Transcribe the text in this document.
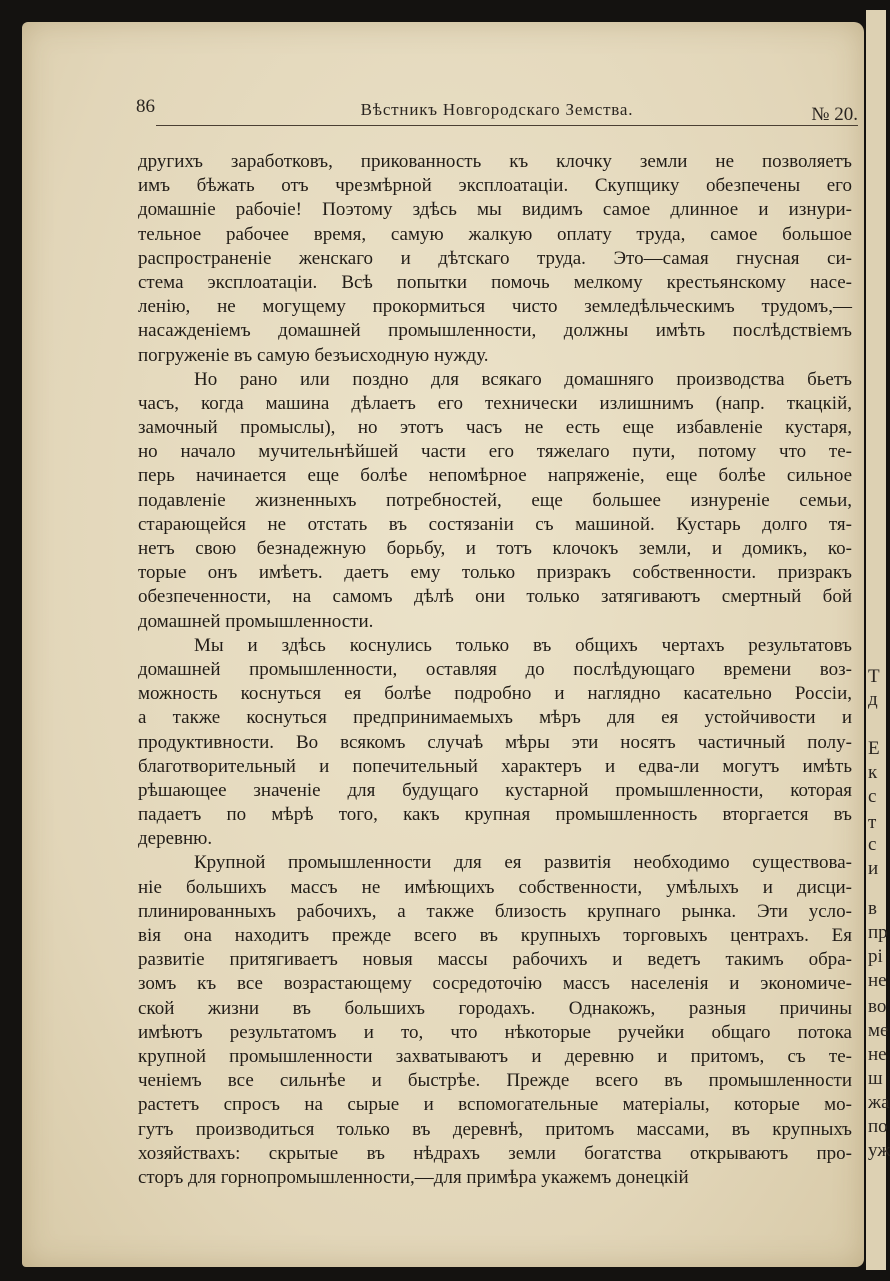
86	Вѣстникъ Новгородскаго Земства.	№ 20.
другихъ заработковъ, прикованность къ клочку земли не позволяетъ
имъ бѣжать отъ чрезмѣрной эксплоатаціи. Скупщику обезпечены его
домашніе рабочіе! Поэтому здѣсь мы видимъ самое длинное и изнури-
тельное рабочее время, самую жалкую оплату труда, самое большое
распространеніе женскаго и дѣтскаго труда. Это—самая гнусная си-
стема эксплоатаціи. Всѣ попытки помочь мелкому крестьянскому насе-
ленію, не могущему прокормиться чисто земледѣльческимъ трудомъ,—
насажденіемъ домашней промышленности, должны имѣть послѣдствіемъ
погруженіе въ самую безъисходную нужду.
Но рано или поздно для всякаго домашняго производства бьетъ
часъ, когда машина дѣлаетъ его технически излишнимъ (напр. ткацкій,
замочный промыслы), но этотъ часъ не есть еще избавленіе кустаря,
но начало мучительнѣйшей части его тяжелаго пути, потому что те-
перь начинается еще болѣе непомѣрное напряженіе, еще болѣе сильное
подавленіе жизненныхъ потребностей, еще большее изнуреніе семьи,
старающейся не отстать въ состязаніи съ машиной. Кустарь долго тя-
нетъ свою безнадежную борьбу, и тотъ клочокъ земли, и домикъ, ко-
торые онъ имѣетъ. даетъ ему только призракъ собственности. призракъ
обезпеченности, на самомъ дѣлѣ они только затягиваютъ смертный бой
домашней промышленности.
Мы и здѣсь коснулись только въ общихъ чертахъ результатовъ
домашней промышленности, оставляя до послѣдующаго времени воз-
можность коснуться ея болѣе подробно и наглядно касательно Россіи,
а также коснуться предпринимаемыхъ мѣръ для ея устойчивости и
продуктивности. Во всякомъ случаѣ мѣры эти носятъ частичный полу-
благотворительный и попечительный характеръ и едва-ли могутъ имѣть
рѣшающее значеніе для будущаго кустарной промышленности, которая
падаетъ по мѣрѣ того, какъ крупная промышленность вторгается въ
деревню.
Крупной промышленности для ея развитія необходимо существова-
ніе большихъ массъ не имѣющихъ собственности, умѣлыхъ и дисци-
плинированныхъ рабочихъ, а также близость крупнаго рынка. Эти усло-
вія она находитъ прежде всего въ крупныхъ торговыхъ центрахъ. Ея
развитіе притягиваетъ новыя массы рабочихъ и ведетъ такимъ обра-
зомъ къ все возрастающему сосредоточію массъ населенія и экономиче-
ской жизни въ большихъ городахъ. Однакожъ, разныя причины
имѣютъ результатомъ и то, что нѣкоторые ручейки общаго потока
крупной промышленности захватываютъ и деревню и притомъ, съ те-
ченіемъ все сильнѣе и быстрѣе. Прежде всего въ промышленности
растетъ спросъ на сырые и вспомогательные матеріалы, которые мо-
гутъ производиться только въ деревнѣ, притомъ массами, въ крупныхъ
хозяйствахъ: скрытые въ нѣдрахъ земли богатства открываютъ про-
сторъ для горнопромышленности,—для примѣра укажемъ донецкій
Т
д
Е
к
с
т
с
и
в
пр
рі
не
во
ме
не
ш
жа
по
уж
